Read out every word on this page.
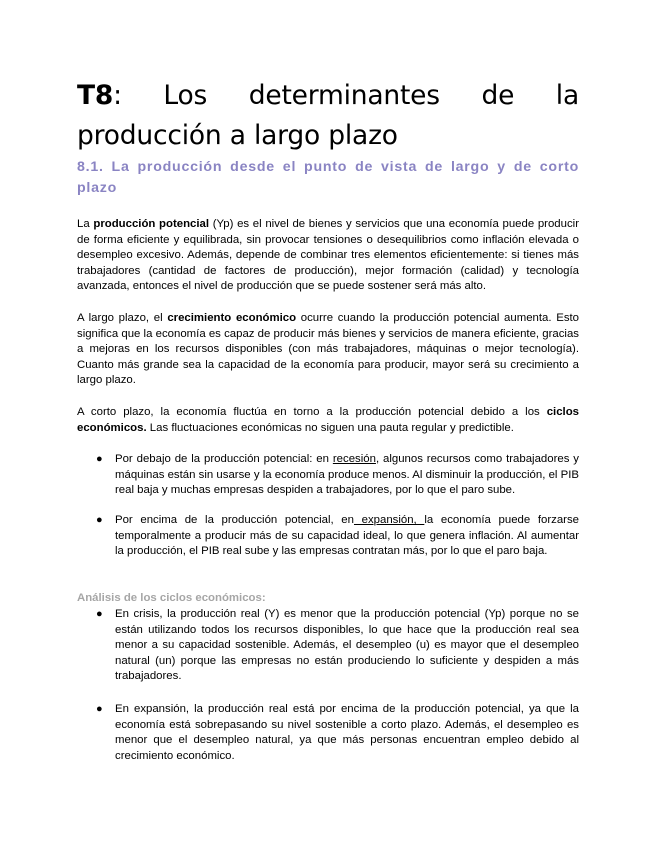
T8: Los determinantes de la producción a largo plazo
8.1. La producción desde el punto de vista de largo y de corto plazo

La producción potencial (Yp) es el nivel de bienes y servicios que una economía puede producir de forma eficiente y equilibrada, sin provocar tensiones o desequilibrios como inflación elevada o desempleo excesivo. Además, depende de combinar tres elementos eficientemente: si tienes más trabajadores (cantidad de factores de producción), mejor formación (calidad) y tecnología avanzada, entonces el nivel de producción que se puede sostener será más alto.

A largo plazo, el crecimiento económico ocurre cuando la producción potencial aumenta. Esto significa que la economía es capaz de producir más bienes y servicios de manera eficiente, gracias a mejoras en los recursos disponibles (con más trabajadores, máquinas o mejor tecnología). Cuanto más grande sea la capacidad de la economía para producir, mayor será su crecimiento a largo plazo.

A corto plazo, la economía fluctúa en torno a la producción potencial debido a los ciclos económicos. Las fluctuaciones económicas no siguen una pauta regular y predictible.

● Por debajo de la producción potencial: en recesión, algunos recursos como trabajadores y máquinas están sin usarse y la economía produce menos. Al disminuir la producción, el PIB real baja y muchas empresas despiden a trabajadores, por lo que el paro sube.
● Por encima de la producción potencial, en expansión, la economía puede forzarse temporalmente a producir más de su capacidad ideal, lo que genera inflación. Al aumentar la producción, el PIB real sube y las empresas contratan más, por lo que el paro baja.

Análisis de los ciclos económicos:

● En crisis, la producción real (Y) es menor que la producción potencial (Yp) porque no se están utilizando todos los recursos disponibles, lo que hace que la producción real sea menor a su capacidad sostenible. Además, el desempleo (u) es mayor que el desempleo natural (un) porque las empresas no están produciendo lo suficiente y despiden a más trabajadores.
● En expansión, la producción real está por encima de la producción potencial, ya que la economía está sobrepasando su nivel sostenible a corto plazo. Además, el desempleo es menor que el desempleo natural, ya que más personas encuentran empleo debido al crecimiento económico.
